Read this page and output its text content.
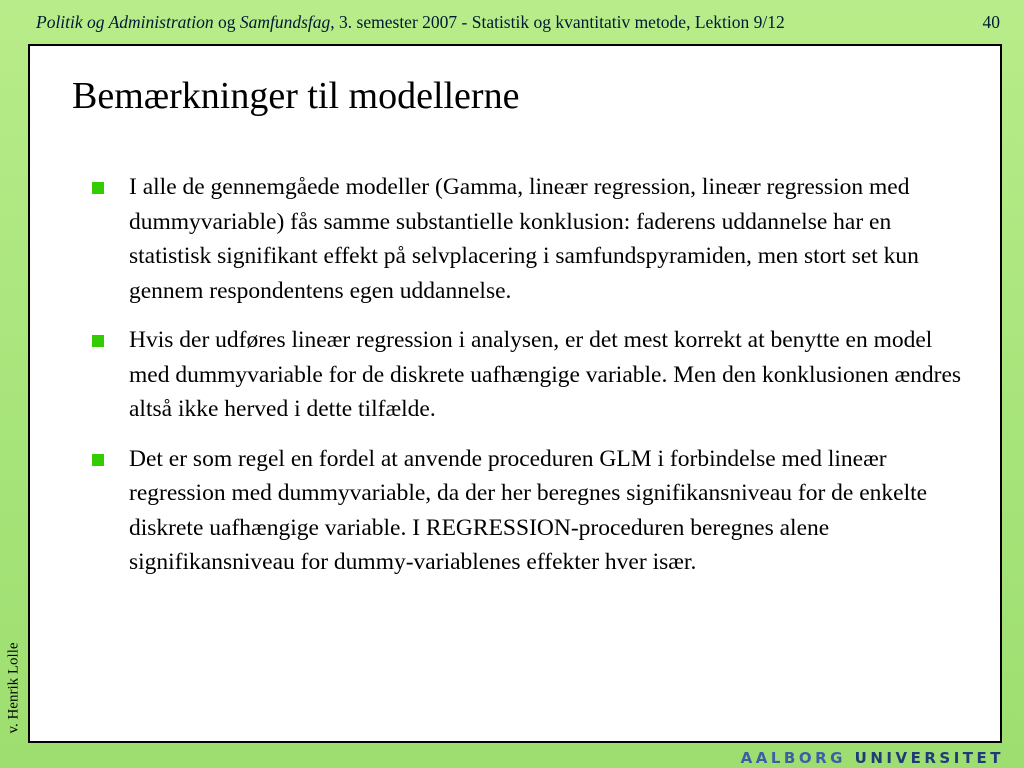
Politik og Administration og Samfundsfag, 3. semester 2007 - Statistik og kvantitativ metode, Lektion 9/12	40
Bemærkninger til modellerne
I alle de gennemgåede modeller (Gamma, lineær regression, lineær regression med dummyvariable) fås samme substantielle konklusion: faderens uddannelse har en statistisk signifikant effekt på selvplacering i samfundspyramiden, men stort set kun gennem respondentens egen uddannelse.
Hvis der udføres lineær regression i analysen, er det mest korrekt at benytte en model med dummyvariable for de diskrete uafhængige variable. Men den konklusionen ændres altså ikke herved i dette tilfælde.
Det er som regel en fordel at anvende proceduren GLM i forbindelse med lineær regression med dummyvariable, da der her beregnes signifikansniveau for de enkelte diskrete uafhængige variable. I REGRESSION-proceduren beregnes alene signifikansniveau for dummy-variablenes effekter hver især.
v. Henrik Lolle
AALBORG UNIVERSITET
